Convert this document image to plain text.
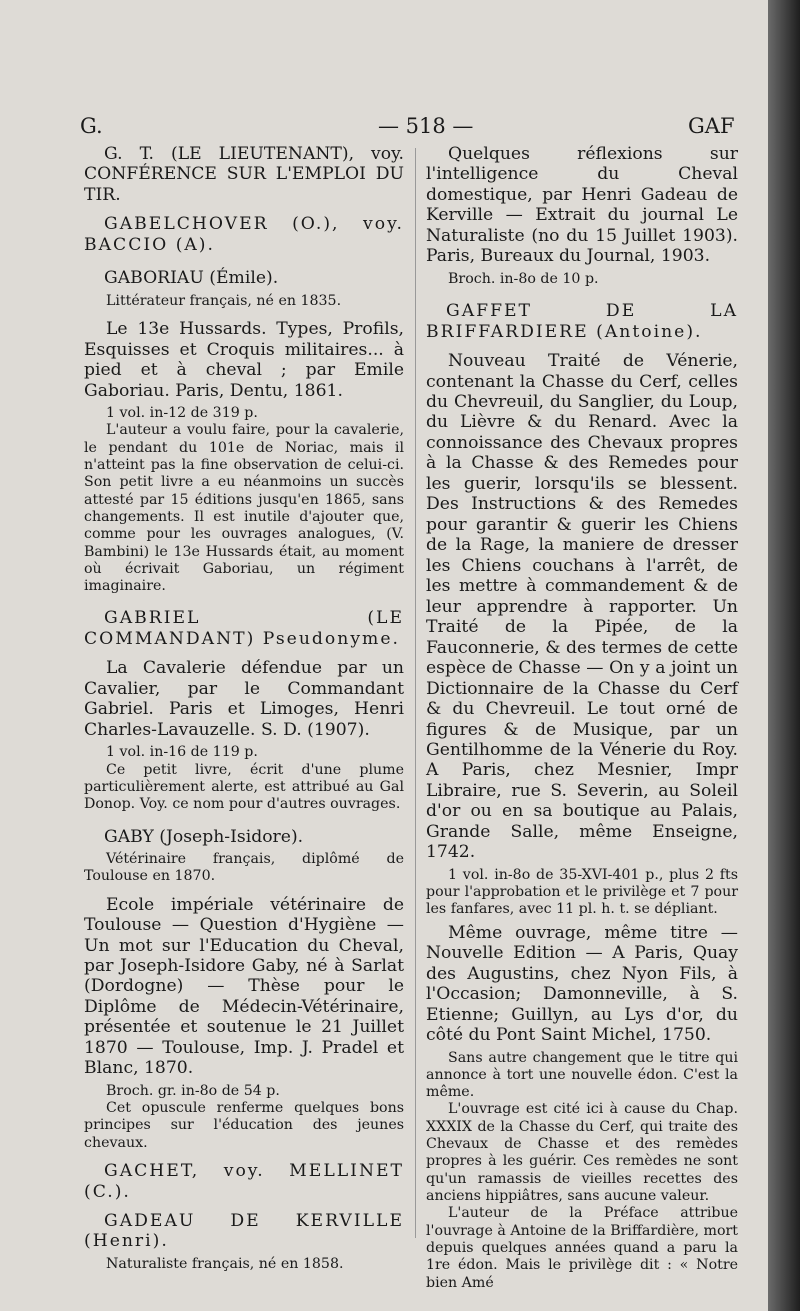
G.	— 518 —	GAF

G. T. (LE LIEUTENANT), voy. CONFÉRENCE SUR L'EMPLOI DU TIR.

GABELCHOVER (O.), voy. BACCIO (A).

GABORIAU (Émile).

Littérateur français, né en 1835.

Le 13e Hussards. Types, Profils, Esquisses et Croquis militaires... à pied et à cheval ; par Emile Gaboriau. Paris, Dentu, 1861.

1 vol. in-12 de 319 p.

L'auteur a voulu faire, pour la cavalerie, le pendant du 101e de Noriac, mais il n'atteint pas la fine observation de celui-ci. Son petit livre a eu néanmoins un succès attesté par 15 éditions jusqu'en 1865, sans changements. Il est inutile d'ajouter que, comme pour les ouvrages analogues, (V. Bambini) le 13e Hussards était, au moment où écrivait Gaboriau, un régiment imaginaire.

GABRIEL (LE COMMANDANT) Pseudonyme.

La Cavalerie défendue par un Cavalier, par le Commandant Gabriel. Paris et Limoges, Henri Charles-Lavauzelle. S. D. (1907).

1 vol. in-16 de 119 p.

Ce petit livre, écrit d'une plume particulièrement alerte, est attribué au Gal Donop. Voy. ce nom pour d'autres ouvrages.

GABY (Joseph-Isidore).

Vétérinaire français, diplômé de Toulouse en 1870.

Ecole impériale vétérinaire de Toulouse — Question d'Hygiène — Un mot sur l'Education du Cheval, par Joseph-Isidore Gaby, né à Sarlat (Dordogne) — Thèse pour le Diplôme de Médecin-Vétérinaire, présentée et soutenue le 21 Juillet 1870 — Toulouse, Imp. J. Pradel et Blanc, 1870.

Broch. gr. in-8o de 54 p.

Cet opuscule renferme quelques bons principes sur l'éducation des jeunes chevaux.

GACHET, voy. MELLINET (C.).

GADEAU DE KERVILLE (Henri).

Naturaliste français, né en 1858.

Quelques réflexions sur l'intelligence du Cheval domestique, par Henri Gadeau de Kerville — Extrait du journal Le Naturaliste (no du 15 Juillet 1903). Paris, Bureaux du Journal, 1903.

Broch. in-8o de 10 p.

GAFFET DE LA BRIFFARDIERE (Antoine).

Nouveau Traité de Vénerie, contenant la Chasse du Cerf, celles du Chevreuil, du Sanglier, du Loup, du Lièvre & du Renard. Avec la connoissance des Chevaux propres à la Chasse & des Remedes pour les guerir, lorsqu'ils se blessent. Des Instructions & des Remedes pour garantir & guerir les Chiens de la Rage, la maniere de dresser les Chiens couchans à l'arrêt, de les mettre à commandement & de leur apprendre à rapporter. Un Traité de la Pipée, de la Fauconnerie, & des termes de cette espèce de Chasse — On y a joint un Dictionnaire de la Chasse du Cerf & du Chevreuil. Le tout orné de figures & de Musique, par un Gentilhomme de la Vénerie du Roy. A Paris, chez Mesnier, Impr Libraire, rue S. Severin, au Soleil d'or ou en sa boutique au Palais, Grande Salle, même Enseigne, 1742.

1 vol. in-8o de 35-XVI-401 p., plus 2 fts pour l'approbation et le privilège et 7 pour les fanfares, avec 11 pl. h. t. se dépliant.

Même ouvrage, même titre — Nouvelle Edition — A Paris, Quay des Augustins, chez Nyon Fils, à l'Occasion; Damonneville, à S. Etienne; Guillyn, au Lys d'or, du côté du Pont Saint Michel, 1750.

Sans autre changement que le titre qui annonce à tort une nouvelle édon. C'est la même.

L'ouvrage est cité ici à cause du Chap. XXXIX de la Chasse du Cerf, qui traite des Chevaux de Chasse et des remèdes propres à les guérir. Ces remèdes ne sont qu'un ramassis de vieilles recettes des anciens hippiâtres, sans aucune valeur.

L'auteur de la Préface attribue l'ouvrage à Antoine de la Briffardière, mort depuis quelques années quand a paru la 1re édon. Mais le privilège dit : « Notre bien Amé
